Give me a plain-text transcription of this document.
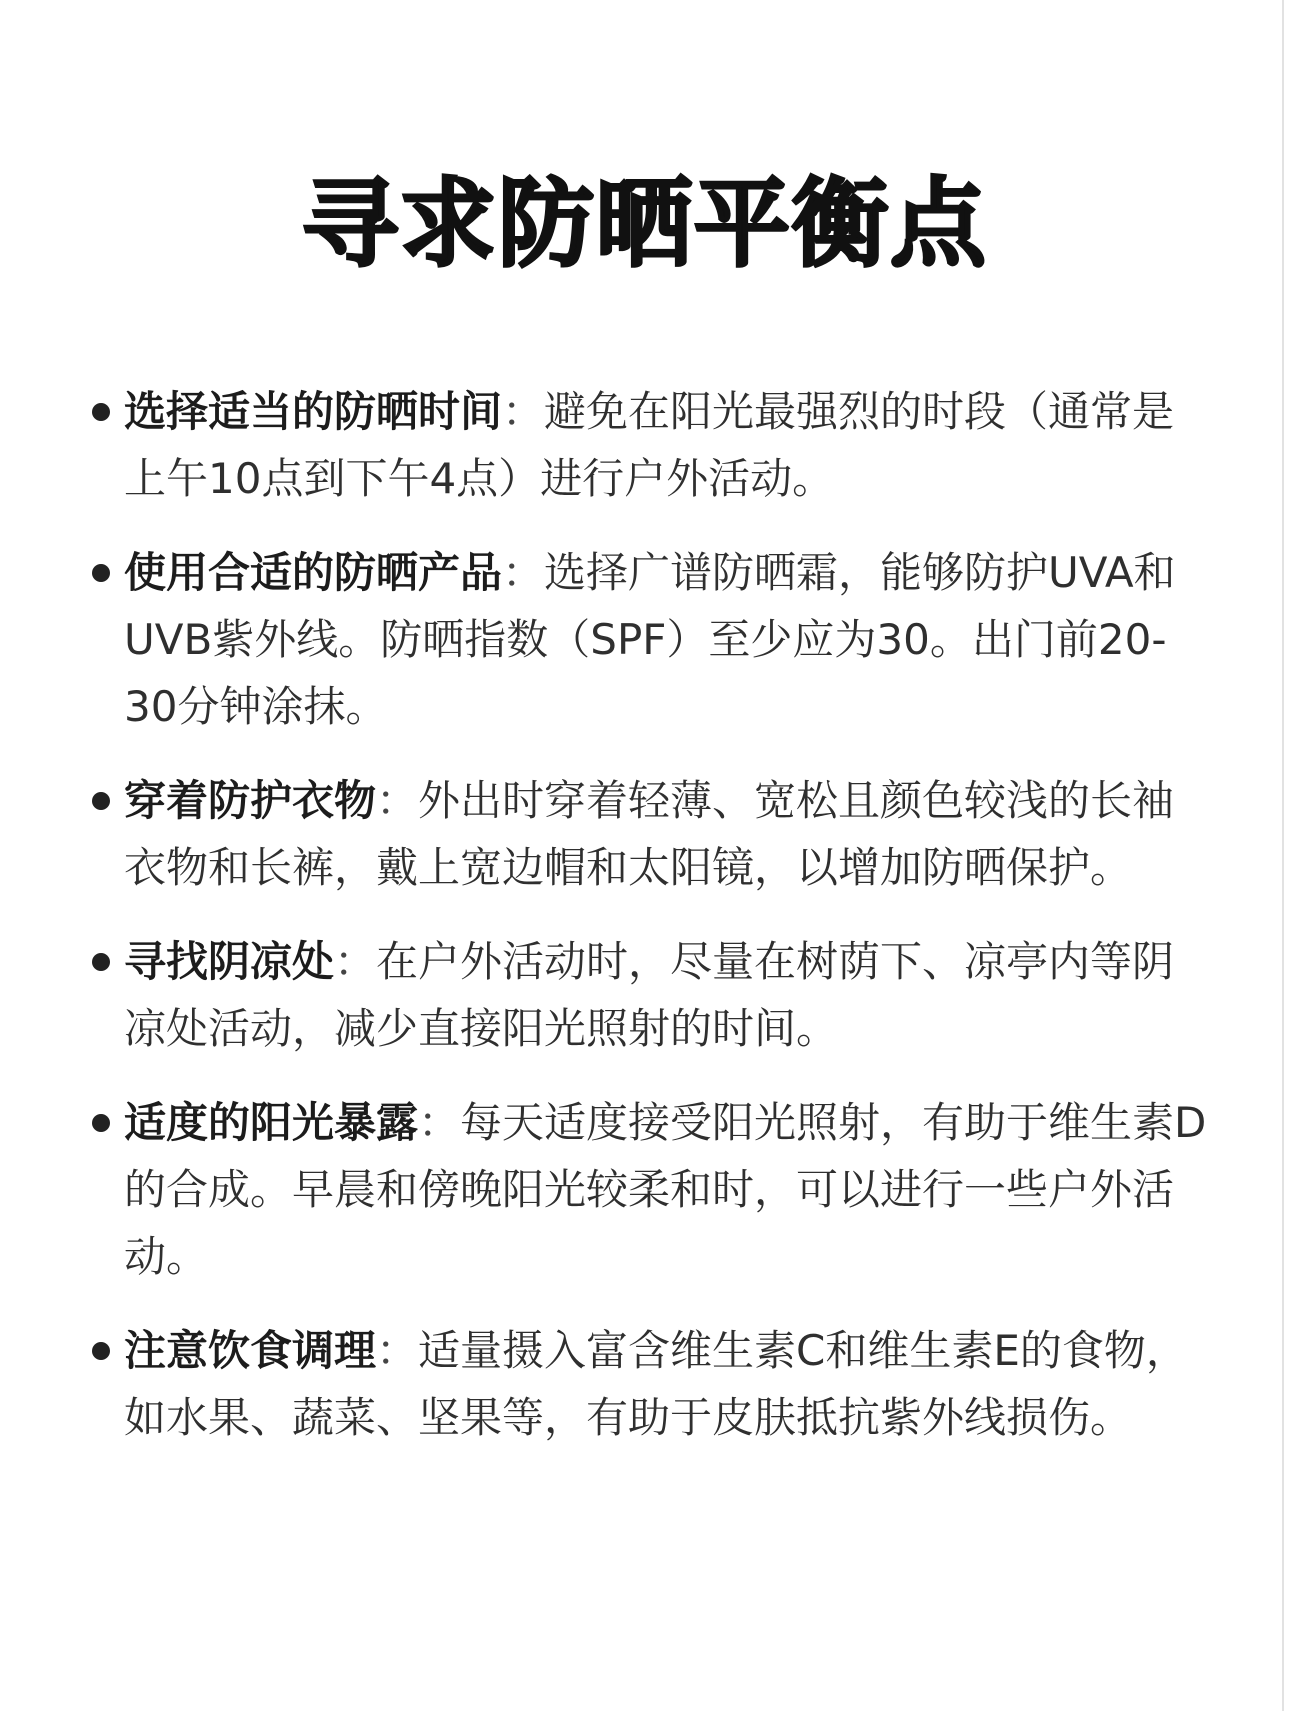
寻求防晒平衡点
选择适当的防晒时间：避免在阳光最强烈的时段（通常是上午10点到下午4点）进行户外活动。
使用合适的防晒产品：选择广谱防晒霜，能够防护UVA和UVB紫外线。防晒指数（SPF）至少应为30。出门前20-30分钟涂抹。
穿着防护衣物：外出时穿着轻薄、宽松且颜色较浅的长袖衣物和长裤，戴上宽边帽和太阳镜，以增加防晒保护。
寻找阴凉处：在户外活动时，尽量在树荫下、凉亭内等阴凉处活动，减少直接阳光照射的时间。
适度的阳光暴露：每天适度接受阳光照射，有助于维生素D的合成。早晨和傍晚阳光较柔和时，可以进行一些户外活动。
注意饮食调理：适量摄入富含维生素C和维生素E的食物，如水果、蔬菜、坚果等，有助于皮肤抵抗紫外线损伤。
